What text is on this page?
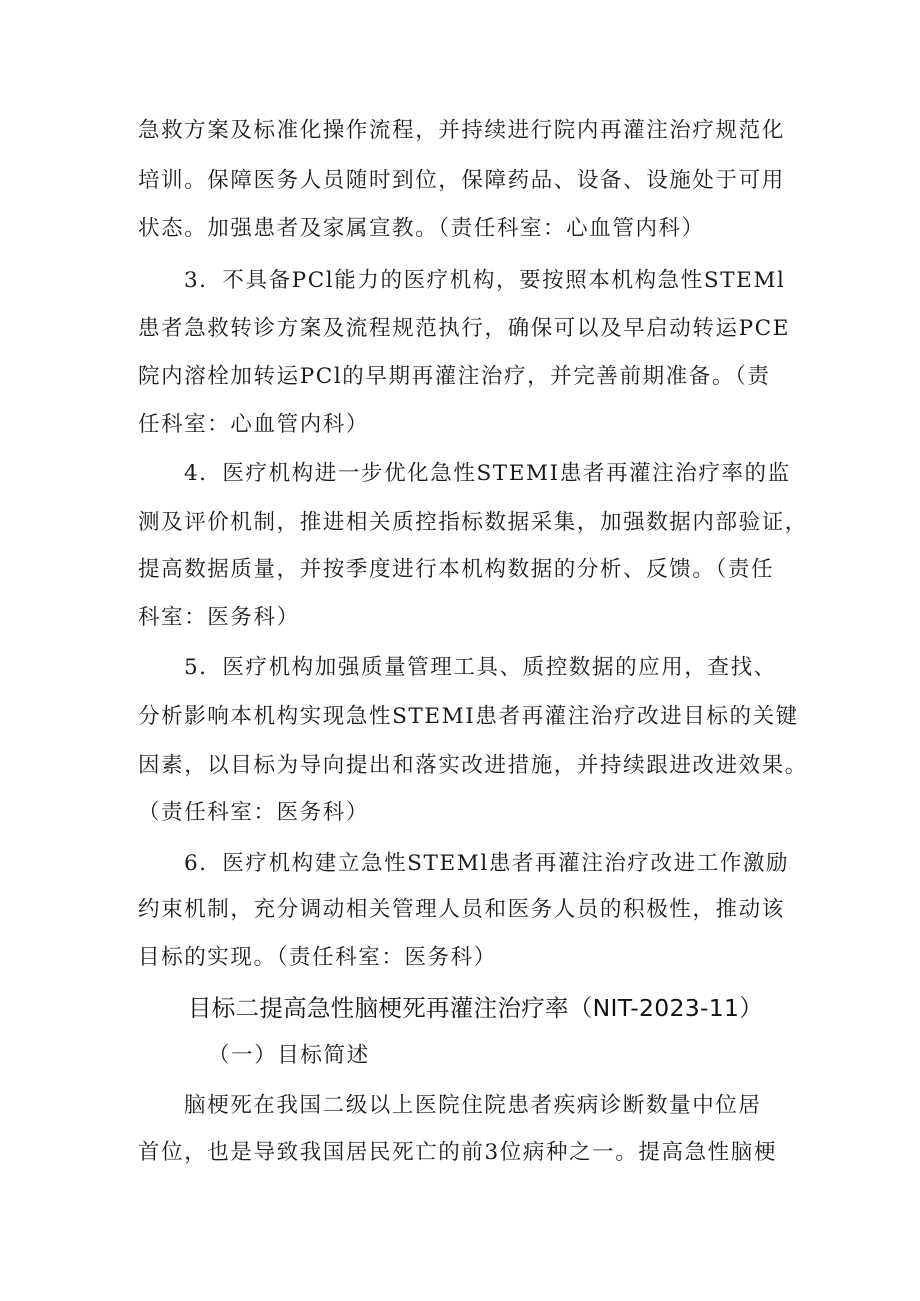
急救方案及标准化操作流程，并持续进行院内再灌注治疗规范化
培训。保障医务人员随时到位，保障药品、设备、设施处于可用
状态。加强患者及家属宣教。（责任科室：心血管内科）
3．不具备PCl能力的医疗机构，要按照本机构急性STEMl
患者急救转诊方案及流程规范执行，确保可以及早启动转运PCE
院内溶栓加转运PCl的早期再灌注治疗，并完善前期准备。（责
任科室：心血管内科）
4．医疗机构进一步优化急性STEMI患者再灌注治疗率的监
测及评价机制，推进相关质控指标数据采集，加强数据内部验证，
提高数据质量，并按季度进行本机构数据的分析、反馈。（责任
科室：医务科）
5．医疗机构加强质量管理工具、质控数据的应用，查找、
分析影响本机构实现急性STEMI患者再灌注治疗改进目标的关键
因素，以目标为导向提出和落实改进措施，并持续跟进改进效果。
（责任科室：医务科）
6．医疗机构建立急性STEMl患者再灌注治疗改进工作激励
约束机制，充分调动相关管理人员和医务人员的积极性，推动该
目标的实现。（责任科室：医务科）
目标二提高急性脑梗死再灌注治疗率（NIT-2023-11）
（一）目标简述
脑梗死在我国二级以上医院住院患者疾病诊断数量中位居
首位，也是导致我国居民死亡的前3位病种之一。提高急性脑梗
